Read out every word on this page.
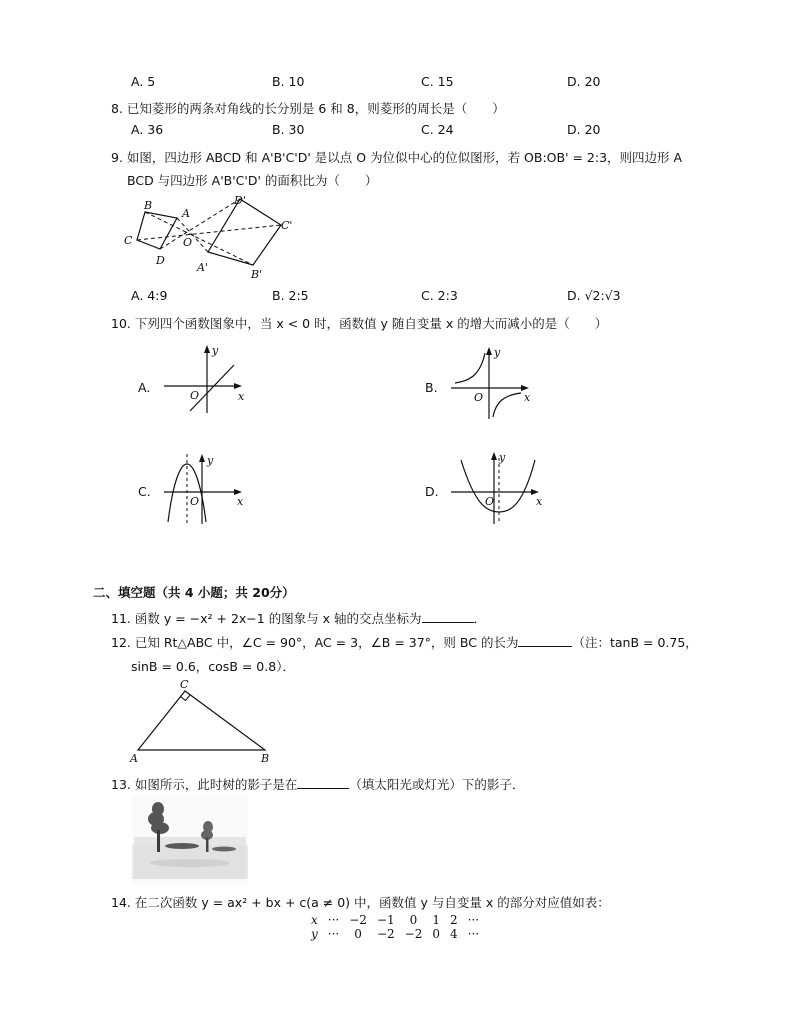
A. 5	B. 10	C. 15	D. 20
8. 已知菱形的两条对角线的长分别是 6 和 8，则菱形的周长是（　　）
A. 36	B. 30	C. 24	D. 20
9. 如图，四边形 ABCD 和 A'B'C'D' 是以点 O 为位似中心的位似图形，若 OB:OB' = 2:3，则四边形 A
BCD 与四边形 A'B'C'D' 的面积比为（　　）
B
A
C	O
D
D'
C'
A'
B'
A. 4:9	B. 2:5	C. 2:3	D. √2:√3
10. 下列四个函数图象中，当 x < 0 时，函数值 y 随自变量 x 的增大而减小的是（　　）
A.
y
x
O
B.
y
x
O
C.
y
x
O
D.
y
x
O
二、填空题（共 4 小题；共 20分）
11. 函数 y = −x² + 2x−1 的图象与 x 轴的交点坐标为	．
12. 已知 Rt△ABC 中，∠C = 90°，AC = 3，∠B = 37°，则 BC 的长为	（注：tanB = 0.75，
sinB = 0.6，cosB = 0.8）．
C
A	B
13. 如图所示，此时树的影子是在	（填太阳光或灯光）下的影子．
14. 在二次函数 y = ax² + bx + c(a ≠ 0) 中，函数值 y 与自变量 x 的部分对应值如表：
x	···	−2	−1	0	1	2	···
y	···	0	−2	−2	0	4	···
